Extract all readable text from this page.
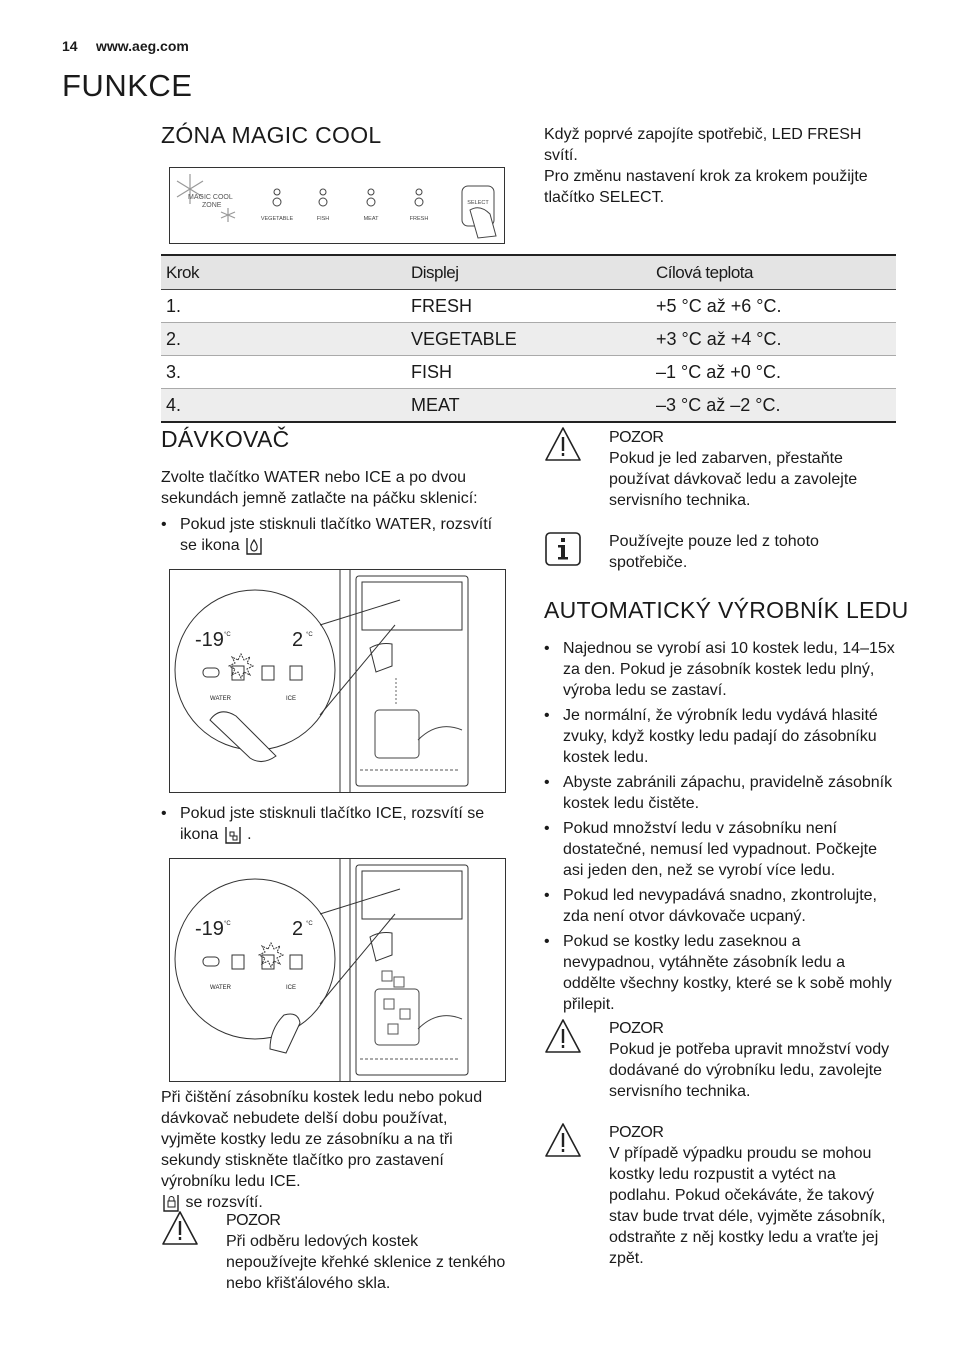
14 www.aeg.com
FUNKCE
ZÓNA MAGIC COOL
MAGIC COOL
ZONE
VEGETABLE	FISH	MEAT	FRESH
SELECT

Když poprvé zapojíte spotřebič, LED FRESH svítí.

Pro změnu nastavení krok za krokem použijte tlačítko SELECT.

Krok	Displej	Cílová teplota
1.	FRESH	+5 °C až +6 °C.
2.	VEGETABLE	+3 °C až +4 °C.
3.	FISH	–1 °C až +0 °C.
4.	MEAT	–3 °C až –2 °C.
DÁVKOVAČ

Zvolte tlačítko WATER nebo ICE a po dvou sekundách jemně zatlačte na páčku sklenicí:

• Pokud jste stisknuli tlačítko WATER, rozsvítí
se ikona
-19 °C	2 °C
WATER	ICE
• Pokud jste stisknuli tlačítko ICE, rozsvítí se
ikona .
-19 °C	2 °C
WATER	ICE

Při čištění zásobníku kostek ledu nebo pokud dávkovač nebudete delší dobu používat, vyjměte kostky ledu ze zásobníku a na tři sekundy stiskněte tlačítko pro zastavení výrobníku ledu ICE.
se rozsvítí.

POZOR

Při odběru ledových kostek nepoužívejte křehké sklenice z tenkého nebo křišťálového skla.

POZOR

Pokud je led zabarven, přestaňte používat dávkovač ledu a zavolejte servisního technika.

Používejte pouze led z tohoto spotřebiče.

AUTOMATICKÝ VÝROBNÍK LEDU
• Najednou se vyrobí asi 10 kostek ledu, 14–15x za den. Pokud je zásobník kostek ledu plný, výroba ledu se zastaví.
• Je normální, že výrobník ledu vydává hlasité zvuky, když kostky ledu padají do zásobníku kostek ledu.
• Abyste zabránili zápachu, pravidelně zásobník kostek ledu čistěte.
• Pokud množství ledu v zásobníku není dostatečné, nemusí led vypadnout. Počkejte asi jeden den, než se vyrobí více ledu.
• Pokud led nevypadává snadno, zkontrolujte, zda není otvor dávkovače ucpaný.
• Pokud se kostky ledu zaseknou a nevypadnou, vytáhněte zásobník ledu a oddělte všechny kostky, které se k sobě mohly přilepit.
POZOR

Pokud je potřeba upravit množství vody dodávané do výrobníku ledu, zavolejte servisního technika.

POZOR

V případě výpadku proudu se mohou kostky ledu rozpustit a vytéct na podlahu. Pokud očekáváte, že takový stav bude trvat déle, vyjměte zásobník, odstraňte z něj kostky ledu a vraťte jej zpět.
